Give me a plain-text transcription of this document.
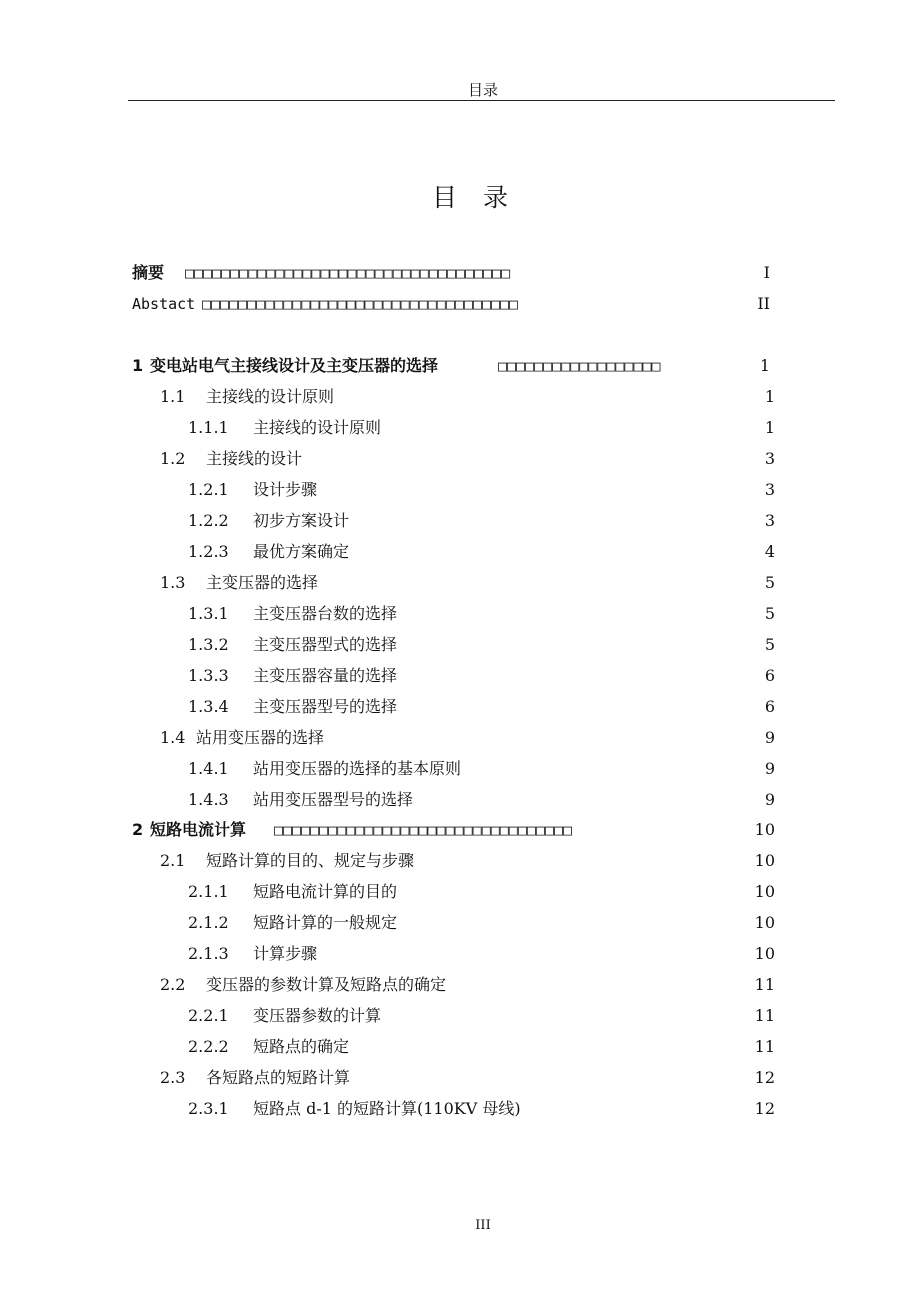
目录
目录
摘要 □□□□□□□□□□□□□□□□□□□□□□□□□□□□□□□□□□□□	I
Abstact □□□□□□□□□□□□□□□□□□□□□□□□□□□□□□□□□□□	II
1 变电站电气主接线设计及主变压器的选择	□□□□□□□□□□□□□□□□□□	1
1.1 主接线的设计原则	1
1.1.1 主接线的设计原则	1
1.2 主接线的设计	3
1.2.1 设计步骤	3
1.2.2 初步方案设计	3
1.2.3 最优方案确定	4
1.3 主变压器的选择	5
1.3.1 主变压器台数的选择	5
1.3.2 主变压器型式的选择	5
1.3.3 主变压器容量的选择	6
1.3.4 主变压器型号的选择	6
1.4 站用变压器的选择	9
1.4.1 站用变压器的选择的基本原则	9
1.4.3 站用变压器型号的选择	9
2 短路电流计算 □□□□□□□□□□□□□□□□□□□□□□□□□□□□□□□□□	10
2.1 短路计算的目的、规定与步骤	10
2.1.1 短路电流计算的目的	10
2.1.2 短路计算的一般规定	10
2.1.3 计算步骤	10
2.2 变压器的参数计算及短路点的确定	11
2.2.1 变压器参数的计算	11
2.2.2 短路点的确定	11
2.3 各短路点的短路计算	12
2.3.1 短路点 d-1 的短路计算(110KV 母线)	12
III
